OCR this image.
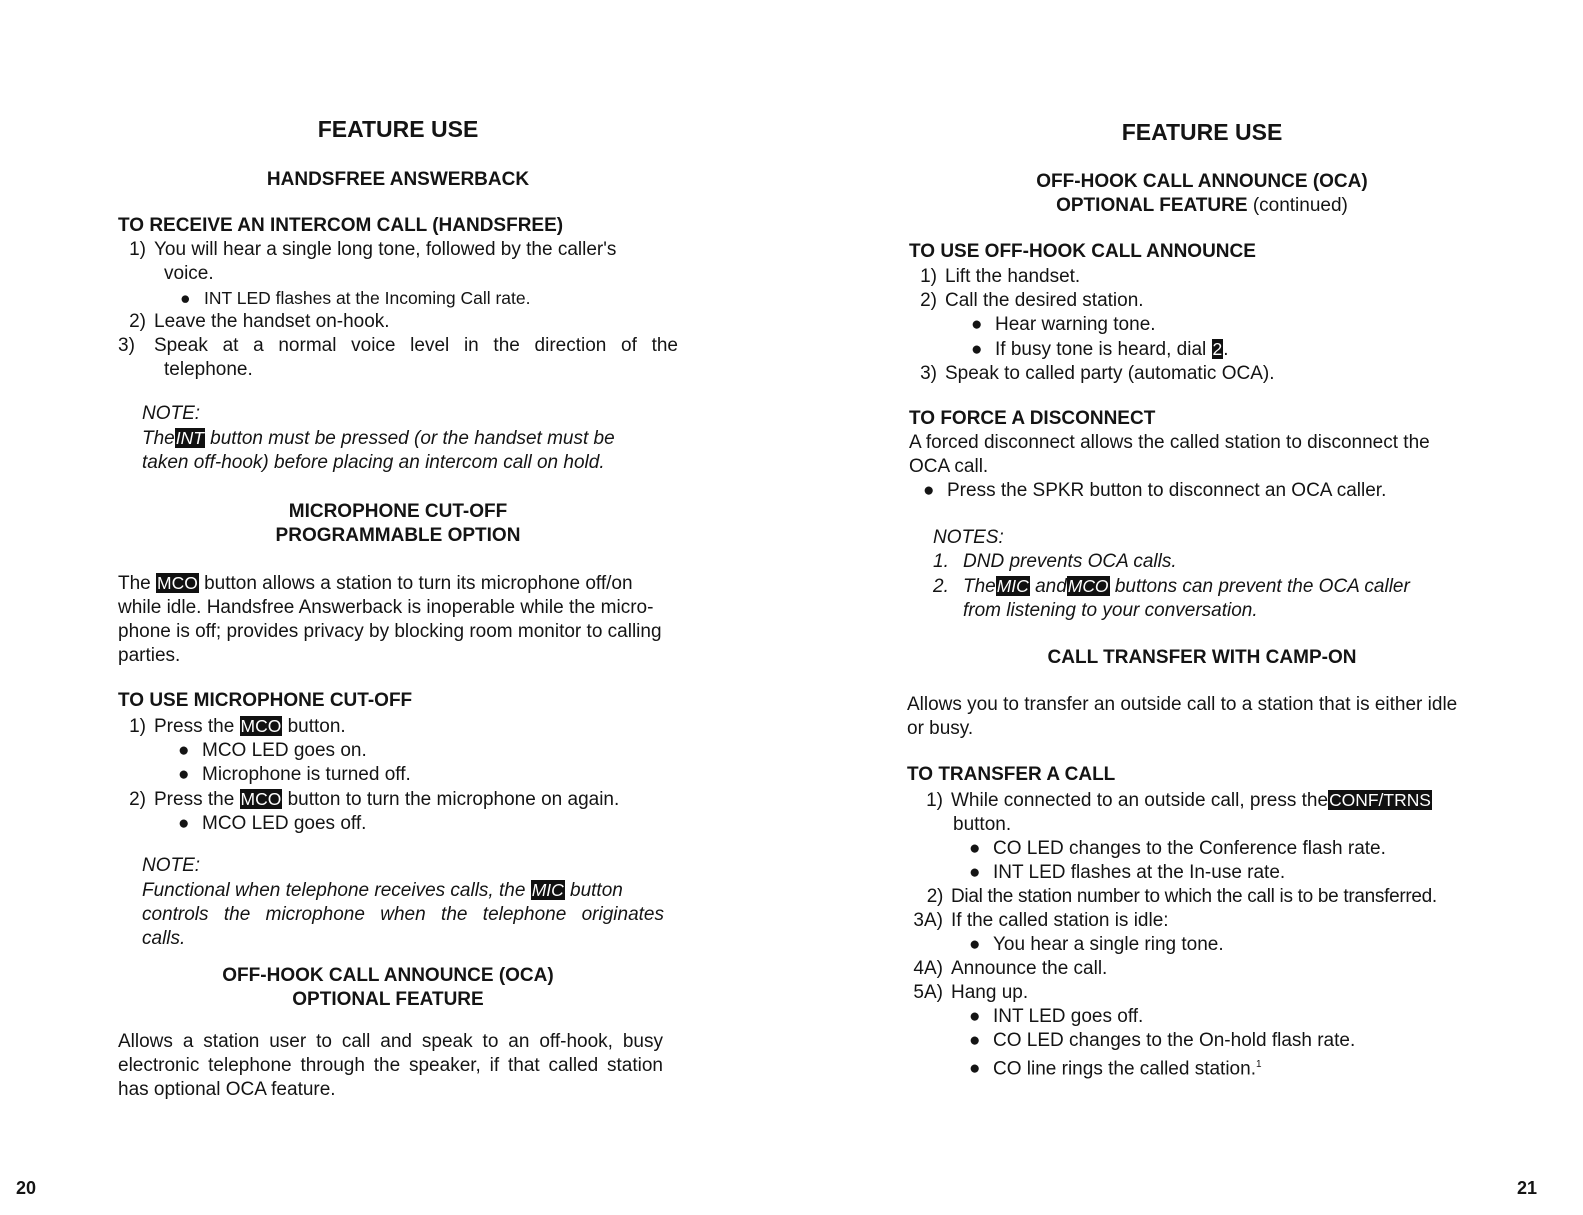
FEATURE USE
HANDSFREE ANSWERBACK
TO RECEIVE AN INTERCOM CALL (HANDSFREE)
1) You will hear a single long tone, followed by the caller's
voice.
● INT LED flashes at the Incoming Call rate.
2) Leave the handset on-hook.
3) Speak at a normal voice level in the direction of the
telephone.
NOTE:
TheINT button must be pressed (or the handset must be
taken off-hook) before placing an intercom call on hold.
MICROPHONE CUT-OFF
PROGRAMMABLE OPTION
The MCO button allows a station to turn its microphone off/on
while idle. Handsfree Answerback is inoperable while the micro-
phone is off; provides privacy by blocking room monitor to calling
parties.
TO USE MICROPHONE CUT-OFF
1) Press the MCO button.
● MCO LED goes on.
● Microphone is turned off.
2) Press the MCO button to turn the microphone on again.
● MCO LED goes off.
NOTE:
Functional when telephone receives calls, the MIC button
controls the microphone when the telephone originates
calls.
OFF-HOOK CALL ANNOUNCE (OCA)
OPTIONAL FEATURE
Allows a station user to call and speak to an off-hook, busy
electronic telephone through the speaker, if that called station
has optional OCA feature.
20
FEATURE USE
OFF-HOOK CALL ANNOUNCE (OCA)
OPTIONAL FEATURE (continued)
TO USE OFF-HOOK CALL ANNOUNCE
1) Lift the handset.
2) Call the desired station.
● Hear warning tone.
● If busy tone is heard, dial 2.
3) Speak to called party (automatic OCA).
TO FORCE A DISCONNECT
A forced disconnect allows the called station to disconnect the
OCA call.
● Press the SPKR button to disconnect an OCA caller.
NOTES:
1. DND prevents OCA calls.
2. TheMIC andMCO buttons can prevent the OCA caller
from listening to your conversation.
CALL TRANSFER WITH CAMP-ON
Allows you to transfer an outside call to a station that is either idle
or busy.
TO TRANSFER A CALL
1) While connected to an outside call, press theCONF/TRNS
button.
● CO LED changes to the Conference flash rate.
● INT LED flashes at the In-use rate.
2) Dial the station number to which the call is to be transferred.
3A) If the called station is idle:
● You hear a single ring tone.
4A) Announce the call.
5A) Hang up.
● INT LED goes off.
● CO LED changes to the On-hold flash rate.
● CO line rings the called station.$^1$
21
